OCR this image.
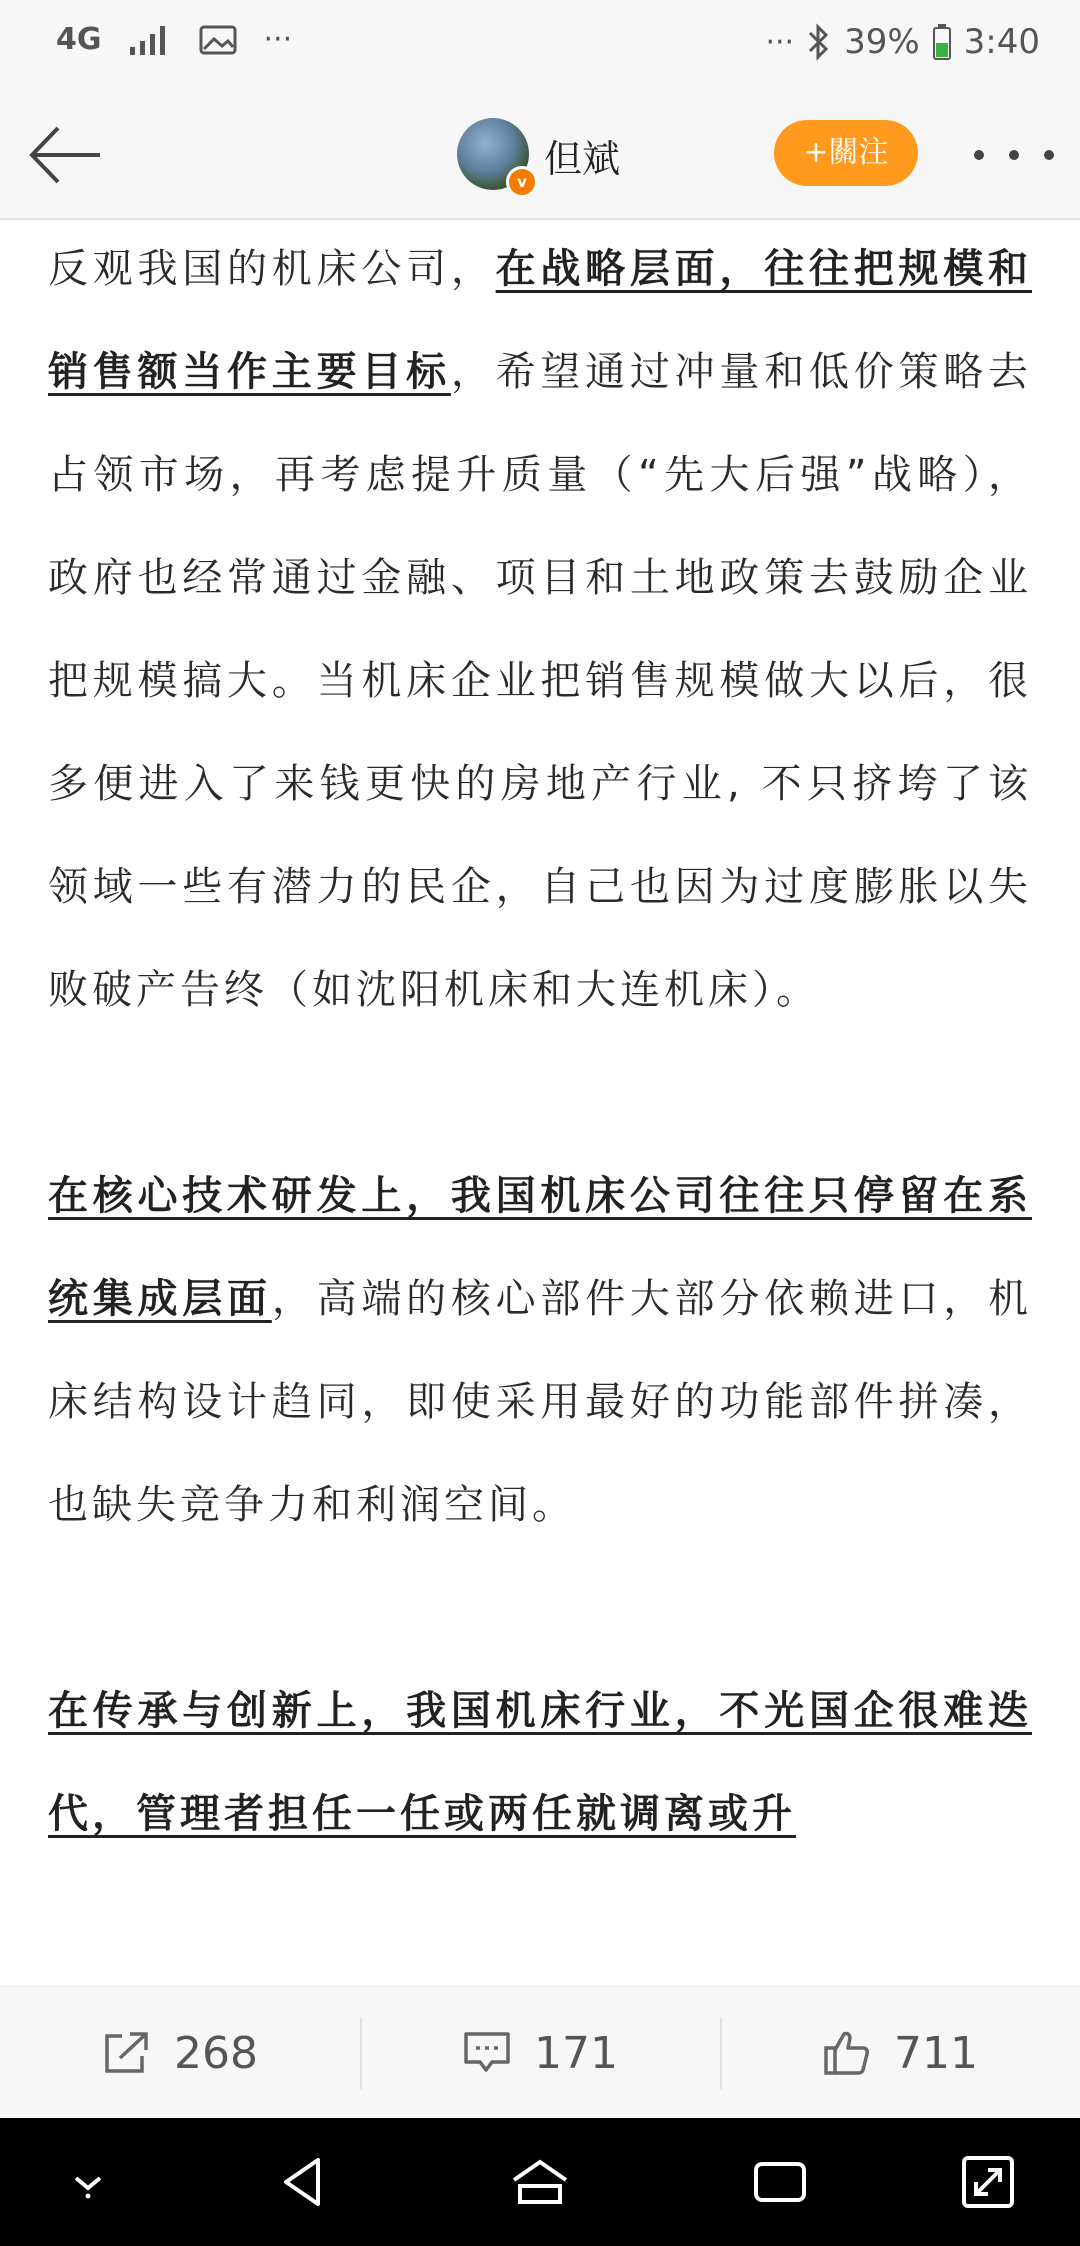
4G	···	··· 39% 3:40
v
但斌	+關注

反观我国的机床公司，在战略层面，往往把规模和销售额当作主要目标，希望通过冲量和低价策略去占领市场，再考虑提升质量（“先大后强”战略），政府也经常通过金融、项目和土地政策去鼓励企业把规模搞大。当机床企业把销售规模做大以后，很多便进入了来钱更快的房地产行业, 不只挤垮了该领域一些有潜力的民企，自己也因为过度膨胀以失败破产告终（如沈阳机床和大连机床）。

在核心技术研发上，我国机床公司往往只停留在系统集成层面，高端的核心部件大部分依赖进口，机床结构设计趋同，即使采用最好的功能部件拼凑，也缺失竞争力和利润空间。

在传承与创新上，我国机床行业，不光国企很难迭代，管理者担任一任或两任就调离或升

268	171	711
